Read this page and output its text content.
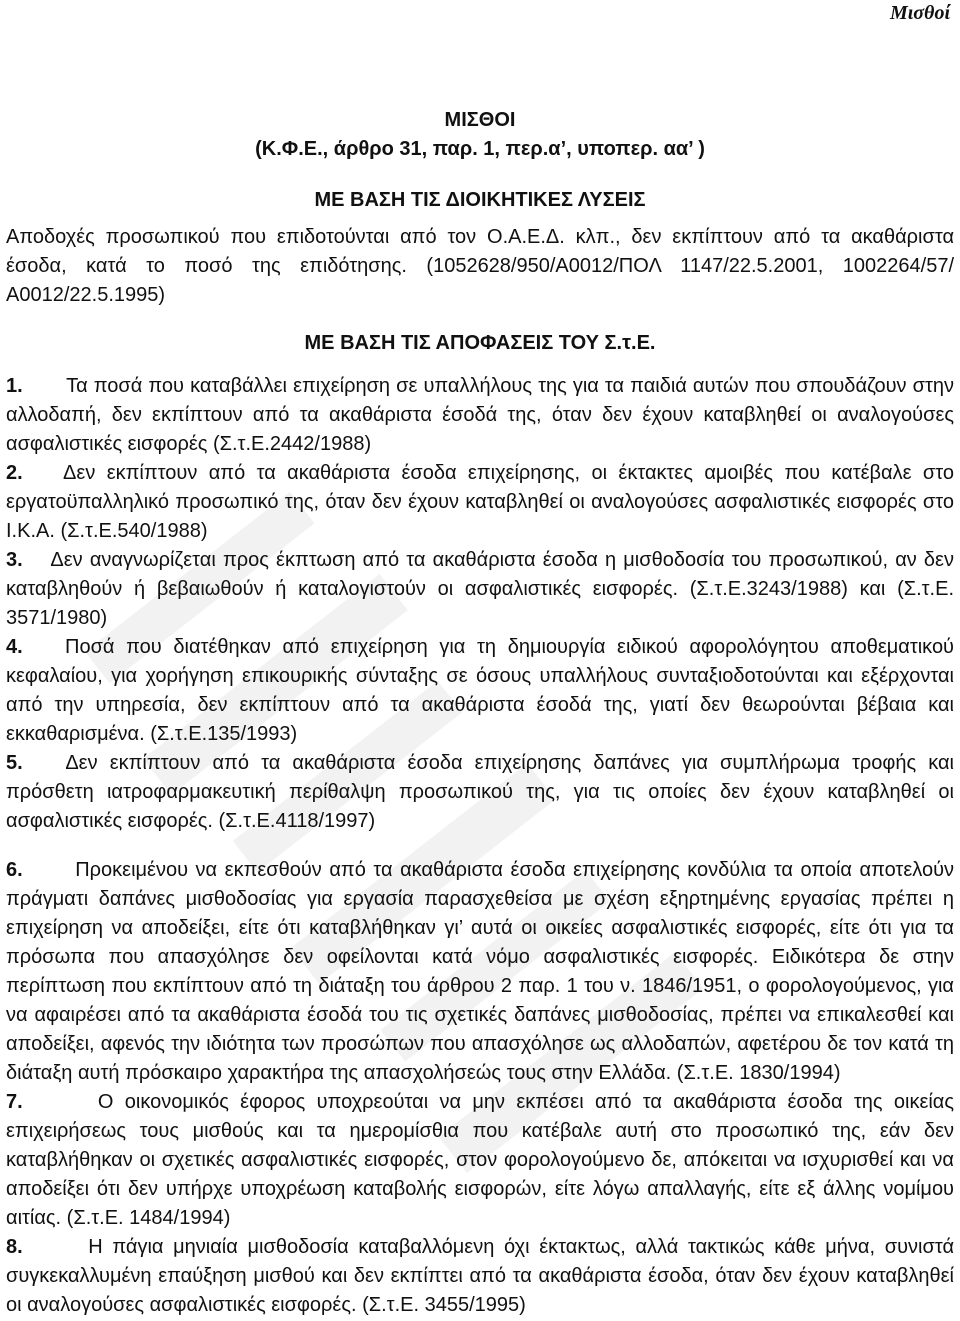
Μισθοί
ΜΙΣΘΟΙ
(Κ.Φ.Ε., άρθρο 31, παρ. 1, περ.α’, υποπερ. αα’ )
ΜΕ ΒΑΣΗ ΤΙΣ ΔΙΟΙΚΗΤΙΚΕΣ ΛΥΣΕΙΣ

Αποδοχές προσωπικού που επιδοτούνται από τον Ο.Α.Ε.Δ. κλπ., δεν εκπίπτουν από τα ακαθάριστα έσοδα, κατά το ποσό της επιδότησης. (1052628/950/Α0012/ΠΟΛ 1147/22.5.2001, 1002264/57/Α0012/22.5.1995)

ΜΕ ΒΑΣΗ ΤΙΣ ΑΠΟΦΑΣΕΙΣ ΤΟΥ Σ.τ.Ε.

1. Τα ποσά που καταβάλλει επιχείρηση σε υπαλλήλους της για τα παιδιά αυτών που σπουδάζουν στην αλλοδαπή, δεν εκπίπτουν από τα ακαθάριστα έσοδά της, όταν δεν έχουν καταβληθεί οι αναλογούσες ασφαλιστικές εισφορές (Σ.τ.Ε.2442/1988)

2. Δεν εκπίπτουν από τα ακαθάριστα έσοδα επιχείρησης, οι έκτακτες αμοιβές που κατέβαλε στο εργατοϋπαλληλικό προσωπικό της, όταν δεν έχουν καταβληθεί οι αναλογούσες ασφαλιστικές εισφορές στο Ι.Κ.Α. (Σ.τ.Ε.540/1988)

3. Δεν αναγνωρίζεται προς έκπτωση από τα ακαθάριστα έσοδα η μισθοδοσία του προσωπικού, αν δεν καταβληθούν ή βεβαιωθούν ή καταλογιστούν οι ασφαλιστικές εισφορές. (Σ.τ.Ε.3243/1988) και (Σ.τ.Ε. 3571/1980)

4. Ποσά που διατέθηκαν από επιχείρηση για τη δημιουργία ειδικού αφορολόγητου αποθεματικού κεφαλαίου, για χορήγηση επικουρικής σύνταξης σε όσους υπαλλήλους συνταξιοδοτούνται και εξέρχονται από την υπηρεσία, δεν εκπίπτουν από τα ακαθάριστα έσοδά της, γιατί δεν θεωρούνται βέβαια και εκκαθαρισμένα. (Σ.τ.Ε.135/1993)

5. Δεν εκπίπτουν από τα ακαθάριστα έσοδα επιχείρησης δαπάνες για συμπλήρωμα τροφής και πρόσθετη ιατροφαρμακευτική περίθαλψη προσωπικού της, για τις οποίες δεν έχουν καταβληθεί οι ασφαλιστικές εισφορές. (Σ.τ.Ε.4118/1997)

6.	Προκειμένου να εκπεσθούν από τα ακαθάριστα έσοδα επιχείρησης κονδύλια τα οποία αποτελούν πράγματι δαπάνες μισθοδοσίας για εργασία παρασχεθείσα με σχέση εξηρτημένης εργασίας πρέπει η επιχείρηση να αποδείξει, είτε ότι καταβλήθηκαν γι’ αυτά οι οικείες ασφαλιστικές εισφορές, είτε ότι για τα πρόσωπα που απασχόλησε δεν οφείλονται κατά νόμο ασφαλιστικές εισφορές. Ειδικότερα δε στην περίπτωση που εκπίπτουν από τη διάταξη του άρθρου 2 παρ. 1 του ν. 1846/1951, ο φορολογούμενος, για να αφαιρέσει από τα ακαθάριστα έσοδά του τις σχετικές δαπάνες μισθοδοσίας, πρέπει να επικαλεσθεί και αποδείξει, αφενός την ιδιότητα των προσώπων που απασχόλησε ως αλλοδαπών, αφετέρου δε τον κατά τη διάταξη αυτή πρόσκαιρο χαρακτήρα της απασχολήσεώς τους στην Ελλάδα. (Σ.τ.Ε. 1830/1994)

7.	Ο οικονομικός έφορος υποχρεούται να μην εκπέσει από τα ακαθάριστα έσοδα της οικείας επιχειρήσεως τους μισθούς και τα ημερομίσθια που κατέβαλε αυτή στο προσωπικό της, εάν δεν καταβλήθηκαν οι σχετικές ασφαλιστικές εισφορές, στον φορολογούμενο δε, απόκειται να ισχυρισθεί και να αποδείξει ότι δεν υπήρχε υποχρέωση καταβολής εισφορών, είτε λόγω απαλλαγής, είτε εξ άλλης νομίμου αιτίας. (Σ.τ.Ε. 1484/1994)

8.	Η πάγια μηνιαία μισθοδοσία καταβαλλόμενη όχι έκτακτως, αλλά τακτικώς κάθε μήνα, συνιστά συγκεκαλλυμένη επαύξηση μισθού και δεν εκπίπτει από τα ακαθάριστα έσοδα, όταν δεν έχουν καταβληθεί οι αναλογούσες ασφαλιστικές εισφορές. (Σ.τ.Ε. 3455/1995)
